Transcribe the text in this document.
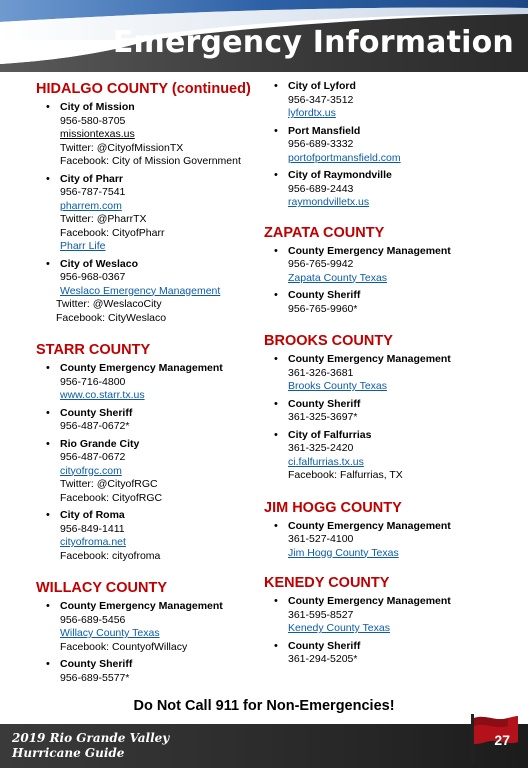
Emergency Information
HIDALGO COUNTY (continued)
• City of Mission
956-580-8705
missiontexas.us
Twitter: @CityofMissionTX
Facebook: City of Mission Government
• City of Pharr
956-787-7541
pharrem.com
Twitter: @PharrTX
Facebook: CityofPharr
Pharr Life
• City of Weslaco
956-968-0367
Weslaco Emergency Management
Twitter: @WeslacoCity
Facebook: CityWeslaco
STARR COUNTY
• County Emergency Management
956-716-4800
www.co.starr.tx.us
• County Sheriff
956-487-0672*
• Rio Grande City
956-487-0672
cityofrgc.com
Twitter: @CityofRGC
Facebook: CityofRGC
• City of Roma
956-849-1411
cityofroma.net
Facebook: cityofroma
WILLACY COUNTY
• County Emergency Management
956-689-5456
Willacy County Texas
Facebook: CountyofWillacy
• County Sheriff
956-689-5577*
• City of Lyford
956-347-3512
lyfordtx.us
• Port Mansfield
956-689-3332
portofportmansfield.com
• City of Raymondville
956-689-2443
raymondvilletx.us
ZAPATA COUNTY
• County Emergency Management
956-765-9942
Zapata County Texas
• County Sheriff
956-765-9960*
BROOKS COUNTY
• County Emergency Management
361-326-3681
Brooks County Texas
• County Sheriff
361-325-3697*
• City of Falfurrias
361-325-2420
ci.falfurrias.tx.us
Facebook: Falfurrias, TX
JIM HOGG COUNTY
• County Emergency Management
361-527-4100
Jim Hogg County Texas
KENEDY COUNTY
• County Emergency Management
361-595-8527
Kenedy County Texas
• County Sheriff
361-294-5205*
Do Not Call 911 for Non-Emergencies!
2019 Rio Grande Valley
Hurricane Guide
27
